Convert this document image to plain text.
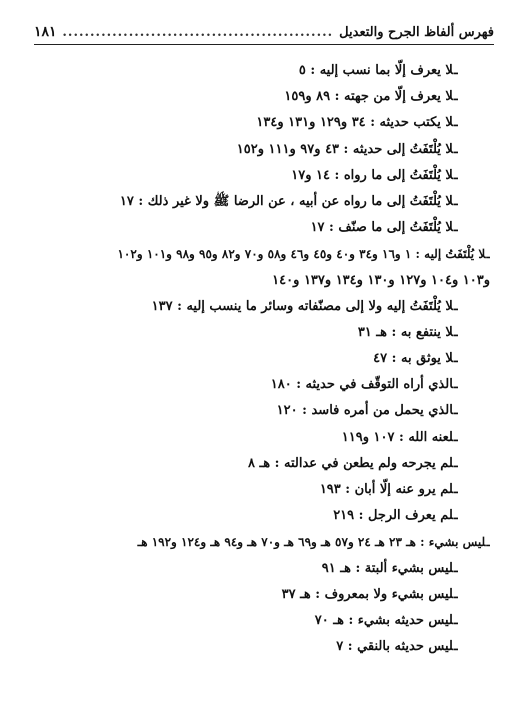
فهرس ألفاظ الجرح والتعديل
.....
١٨١
ـلا يعرف إلّا بما نسب إليه : ٥
ـلا يعرف إلّا من جهته : ٨٩ و١٥٩
ـلا يكتب حديثه : ٣٤ و١٢٩ و١٣١ و١٣٤
ـلا يُلْتَفَتُ إلى حديثه : ٤٣ و٩٧ و١١١ و١٥٢
ـلا يُلْتَفَتُ إلى ما رواه : ١٤ و١٧
ـلا يُلْتَفَتُ إلى ما رواه عن أبيه ، عن الرضا ﷺ ولا غير ذلك : ١٧
ـلا يُلْتَفَتُ إلى ما صنّف : ١٧
ـلا يُلْتَفَتُ إليه : ١ و١٦ و٣٤ و٤٠ و٤٥ و٤٦ و٥٨ و٧٠ و٨٢ و٩٥ و٩٨ و١٠١ و١٠٢
و١٠٣ و١٠٤ و١٢٧ و١٣٠ و١٣٤ و١٣٧ و١٤٠
ـلا يُلْتَفَتُ إليه ولا إلى مصنّفاته وسائر ما ينسب إليه : ١٣٧
ـلا ينتفع به : هـ ٣١
ـلا يوثق به : ٤٧
ـالذي أراه التوقّف في حديثه : ١٨٠
ـالذي يحمل من أمره فاسد : ١٢٠
ـلعنه الله : ١٠٧ و١١٩
ـلم يجرحه ولم يطعن في عدالته : هـ ٨
ـلم يرو عنه إلّا أبان : ١٩٣
ـلم يعرف الرجل : ٢١٩
ـليس بشيء : هـ ٢٣ هـ ٢٤ و٥٧ هـ و٦٩ هـ و٧٠ هـ و٩٤ هـ و١٢٤ و١٩٢ هـ
ـليس بشيء ألبتة : هـ ٩١
ـليس بشيء ولا بمعروف : هـ ٣٧
ـليس حديثه بشيء : هـ ٧٠
ـليس حديثه بالنقي : ٧
